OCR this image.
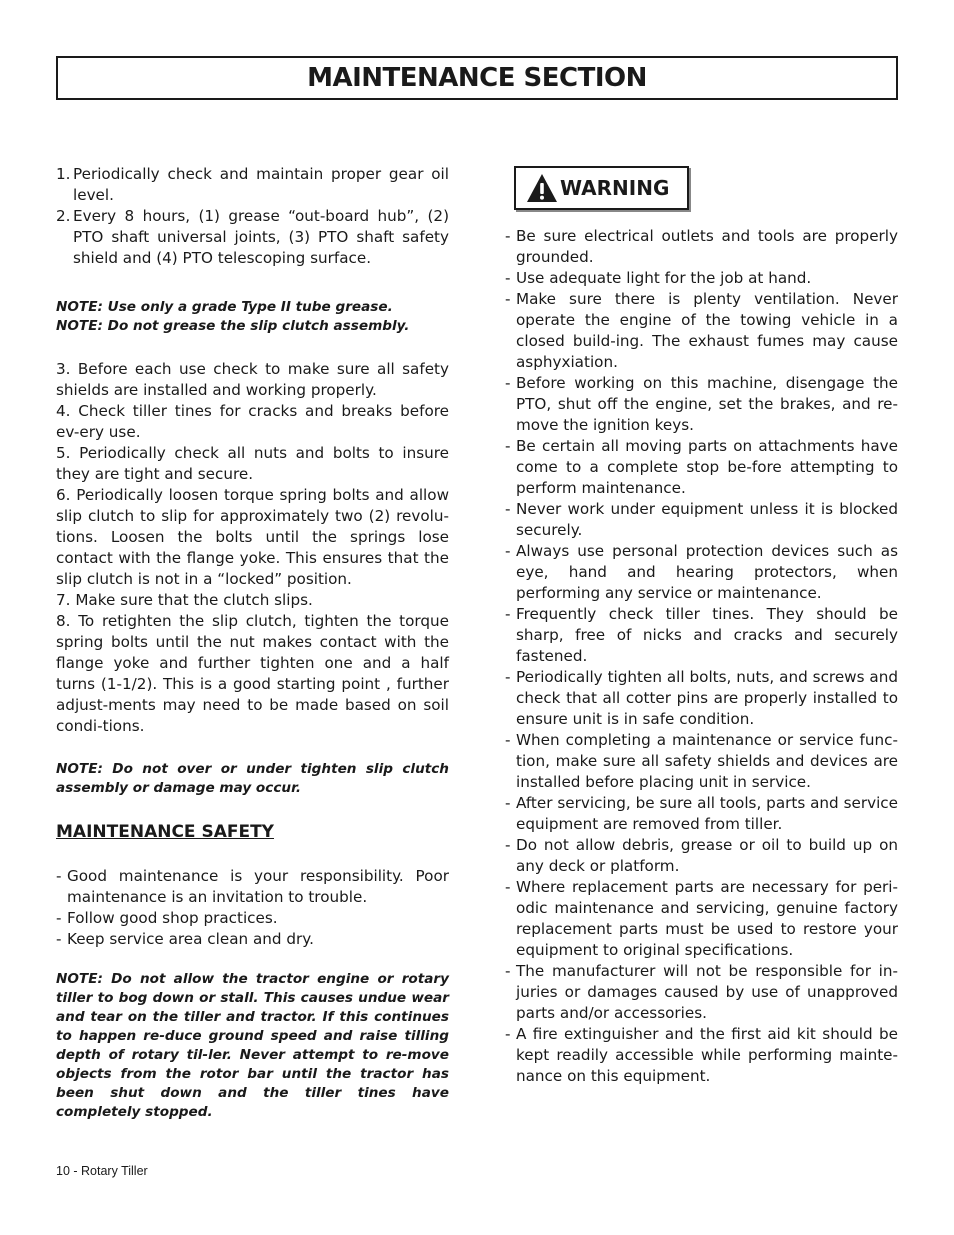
MAINTENANCE SECTION
1. Periodically check and maintain proper gear oil level.
2. Every 8 hours, (1) grease “out-board hub”, (2) PTO shaft universal joints, (3) PTO shaft safety shield and (4) PTO telescoping surface.

NOTE: Use only a grade Type II tube grease.

NOTE: Do not grease the slip clutch assembly.

3. Before each use check to make sure all safety shields are installed and working properly.

4. Check tiller tines for cracks and breaks before ev-ery use.

5. Periodically check all nuts and bolts to insure they are tight and secure.

6. Periodically loosen torque spring bolts and allow slip clutch to slip for approximately two (2) revolu-tions. Loosen the bolts until the springs lose contact with the flange yoke. This ensures that the slip clutch is not in a “locked” position.

7. Make sure that the clutch slips.

8. To retighten the slip clutch, tighten the torque spring bolts until the nut makes contact with the flange yoke and further tighten one and a half turns (1-1/2). This is a good starting point , further adjust-ments may need to be made based on soil condi-tions.

NOTE: Do not over or under tighten slip clutch assembly or damage may occur.

MAINTENANCE SAFETY
- Good maintenance is your responsibility. Poor maintenance is an invitation to trouble.
- Follow good shop practices.
- Keep service area clean and dry.

NOTE: Do not allow the tractor engine or rotary tiller to bog down or stall. This causes undue wear and tear on the tiller and tractor. If this continues to happen re-duce ground speed and raise tilling depth of rotary til-ler. Never attempt to re-move objects from the rotor bar until the tractor has been shut down and the tiller tines have completely stopped.

WARNING
- Be sure electrical outlets and tools are properly grounded.
- Use adequate light for the job at hand.
- Make sure there is plenty ventilation. Never operate the engine of the towing vehicle in a closed build-ing. The exhaust fumes may cause asphyxiation.
- Before working on this machine, disengage the PTO, shut off the engine, set the brakes, and re-move the ignition keys.
- Be certain all moving parts on attachments have come to a complete stop be-fore attempting to perform maintenance.
- Never work under equipment unless it is blocked securely.
- Always use personal protection devices such as eye, hand and hearing protectors, when performing any service or maintenance.
- Frequently check tiller tines. They should be sharp, free of nicks and cracks and securely fastened.
- Periodically tighten all bolts, nuts, and screws and check that all cotter pins are properly installed to ensure unit is in safe condition.
- When completing a maintenance or service func-tion, make sure all safety shields and devices are installed before placing unit in service.
- After servicing, be sure all tools, parts and service equipment are removed from tiller.
- Do not allow debris, grease or oil to build up on any deck or platform.
- Where replacement parts are necessary for peri-odic maintenance and servicing, genuine factory replacement parts must be used to restore your equipment to original specifications.
- The manufacturer will not be responsible for in-juries or damages caused by use of unapproved parts and/or accessories.
- A fire extinguisher and the first aid kit should be kept readily accessible while performing mainte-nance on this equipment.
10 - Rotary Tiller
